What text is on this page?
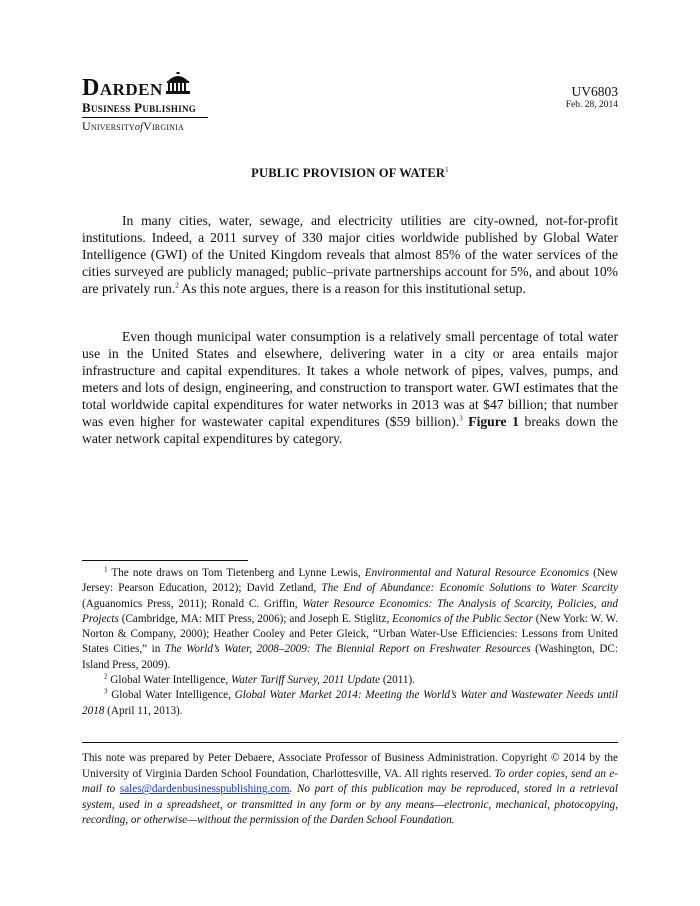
Darden
Business Publishing
UniversityofVirginia
UV6803
Feb. 28, 2014
PUBLIC PROVISION OF WATER$^1$

In many cities, water, sewage, and electricity utilities are city-owned, not-for-profit institutions. Indeed, a 2011 survey of 330 major cities worldwide published by Global Water Intelligence (GWI) of the United Kingdom reveals that almost 85% of the water services of the cities surveyed are publicly managed; public–private partnerships account for 5%, and about 10% are privately run.$^2$ As this note argues, there is a reason for this institutional setup.

Even though municipal water consumption is a relatively small percentage of total water use in the United States and elsewhere, delivering water in a city or area entails major infrastructure and capital expenditures. It takes a whole network of pipes, valves, pumps, and meters and lots of design, engineering, and construction to transport water. GWI estimates that the total worldwide capital expenditures for water networks in 2013 was at $47 billion; that number was even higher for wastewater capital expenditures ($59 billion).$^3$ Figure 1 breaks down the water network capital expenditures by category.

$^1$ The note draws on Tom Tietenberg and Lynne Lewis, Environmental and Natural Resource Economics (New Jersey: Pearson Education, 2012); David Zetland, The End of Abundance: Economic Solutions to Water Scarcity (Aguanomics Press, 2011); Ronald C. Griffin, Water Resource Economics: The Analysis of Scarcity, Policies, and Projects (Cambridge, MA: MIT Press, 2006); and Joseph E. Stiglitz, Economics of the Public Sector (New York: W. W. Norton & Company, 2000); Heather Cooley and Peter Gleick, “Urban Water-Use Efficiencies: Lessons from United States Cities,” in The World’s Water, 2008–2009: The Biennial Report on Freshwater Resources (Washington, DC: Island Press, 2009).

$^2$ Global Water Intelligence, Water Tariff Survey, 2011 Update (2011).

$^3$ Global Water Intelligence, Global Water Market 2014: Meeting the World’s Water and Wastewater Needs until 2018 (April 11, 2013).

This note was prepared by Peter Debaere, Associate Professor of Business Administration. Copyright © 2014 by the University of Virginia Darden School Foundation, Charlottesville, VA. All rights reserved. To order copies, send an e-mail to sales@dardenbusinesspublishing.com. No part of this publication may be reproduced, stored in a retrieval system, used in a spreadsheet, or transmitted in any form or by any means—electronic, mechanical, photocopying, recording, or otherwise—without the permission of the Darden School Foundation.
